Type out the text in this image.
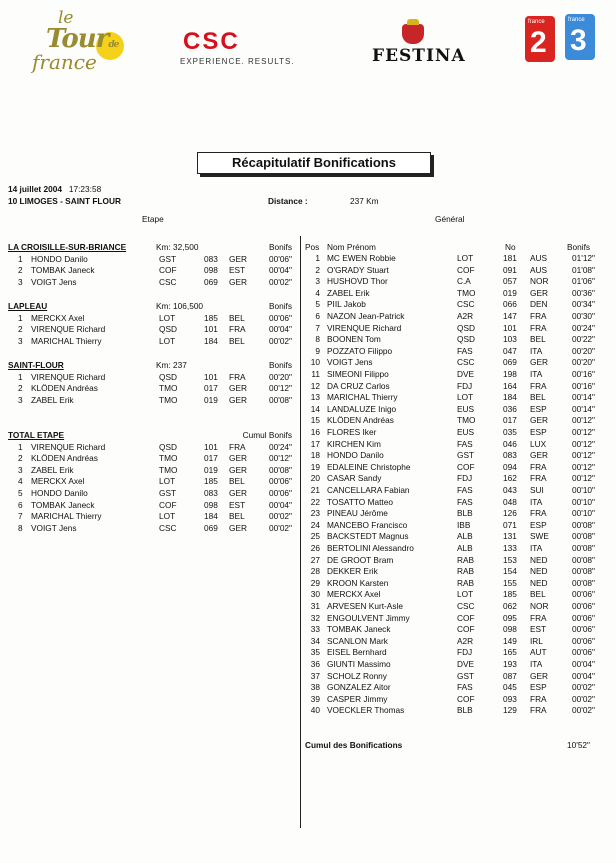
le
Tourde
france
CSC
EXPERIENCE. RESULTS.	FESTINA
france
2
france
3
Récapitulatif Bonifications
14 juillet 2004 17:23:58
10 LIMOGES - SAINT FLOUR	Distance :	237 Km
Etape	Général
LA CROISILLE-SUR-BRIANCE	Km: 32,500	Bonifs
1 HONDO Danilo	GST	083 GER	00'06"
2 TOMBAK Janeck	COF	098 EST	00'04"
3 VOIGT Jens	CSC	069 GER	00'02"
LAPLEAU	Km: 106,500	Bonifs
1 MERCKX Axel	LOT	185 BEL	00'06"
2 VIRENQUE Richard	QSD	101 FRA	00'04"
3 MARICHAL Thierry	LOT	184 BEL	00'02"
SAINT-FLOUR	Km: 237	Bonifs
1 VIRENQUE Richard	QSD	101 FRA	00'20"
2 KLÖDEN Andréas	TMO	017 GER	00'12"
3 ZABEL Erik	TMO	019 GER	00'08"
TOTAL ETAPE	Cumul Bonifs
1 VIRENQUE Richard	QSD	101 FRA	00'24"
2 KLÖDEN Andréas	TMO	017 GER	00'12"
3 ZABEL Erik	TMO	019 GER	00'08"
4 MERCKX Axel	LOT	185 BEL	00'06"
5 HONDO Danilo	GST	083 GER	00'06"
6 TOMBAK Janeck	COF	098 EST	00'04"
7 MARICHAL Thierry	LOT	184 BEL	00'02"
8 VOIGT Jens	CSC	069 GER	00'02"
Pos Nom Prénom	No	Bonifs
1 MC EWEN Robbie	LOT	181 AUS	01'12"
2 O'GRADY Stuart	COF	091 AUS	01'08"
3 HUSHOVD Thor	C.A	057 NOR	01'06"
4 ZABEL Erik	TMO	019 GER	00'36"
5 PIIL Jakob	CSC	066 DEN	00'34"
6 NAZON Jean-Patrick	A2R	147 FRA	00'30"
7 VIRENQUE Richard	QSD	101 FRA	00'24"
8 BOONEN Tom	QSD	103 BEL	00'22"
9 POZZATO Filippo	FAS	047 ITA	00'20"
10 VOIGT Jens	CSC	069 GER	00'20"
11 SIMEONI Filippo	DVE	198 ITA	00'16"
12 DA CRUZ Carlos	FDJ	164 FRA	00'16"
13 MARICHAL Thierry	LOT	184 BEL	00'14"
14 LANDALUZE Inigo	EUS	036 ESP	00'14"
15 KLÖDEN Andréas	TMO	017 GER	00'12"
16 FLORES Iker	EUS	035 ESP	00'12"
17 KIRCHEN Kim	FAS	046 LUX	00'12"
18 HONDO Danilo	GST	083 GER	00'12"
19 EDALEINE Christophe	COF	094 FRA	00'12"
20 CASAR Sandy	FDJ	162 FRA	00'12"
21 CANCELLARA Fabian	FAS	043 SUI	00'10"
22 TOSATTO Matteo	FAS	048 ITA	00'10"
23 PINEAU Jérôme	BLB	126 FRA	00'10"
24 MANCEBO Francisco	IBB	071 ESP	00'08"
25 BACKSTEDT Magnus	ALB	131 SWE	00'08"
26 BERTOLINI Alessandro	ALB	133 ITA	00'08"
27 DE GROOT Bram	RAB	153 NED	00'08"
28 DEKKER Erik	RAB	154 NED	00'08"
29 KROON Karsten	RAB	155 NED	00'08"
30 MERCKX Axel	LOT	185 BEL	00'06"
31 ARVESEN Kurt-Asle	CSC	062 NOR	00'06"
32 ENGOULVENT Jimmy	COF	095 FRA	00'06"
33 TOMBAK Janeck	COF	098 EST	00'06"
34 SCANLON Mark	A2R	149 IRL	00'06"
35 EISEL Bernhard	FDJ	165 AUT	00'06"
36 GIUNTI Massimo	DVE	193 ITA	00'04"
37 SCHOLZ Ronny	GST	087 GER	00'04"
38 GONZALEZ Aitor	FAS	045 ESP	00'02"
39 CASPER Jimmy	COF	093 FRA	00'02"
40 VOECKLER Thomas	BLB	129 FRA	00'02"
Cumul des Bonifications	10'52"
